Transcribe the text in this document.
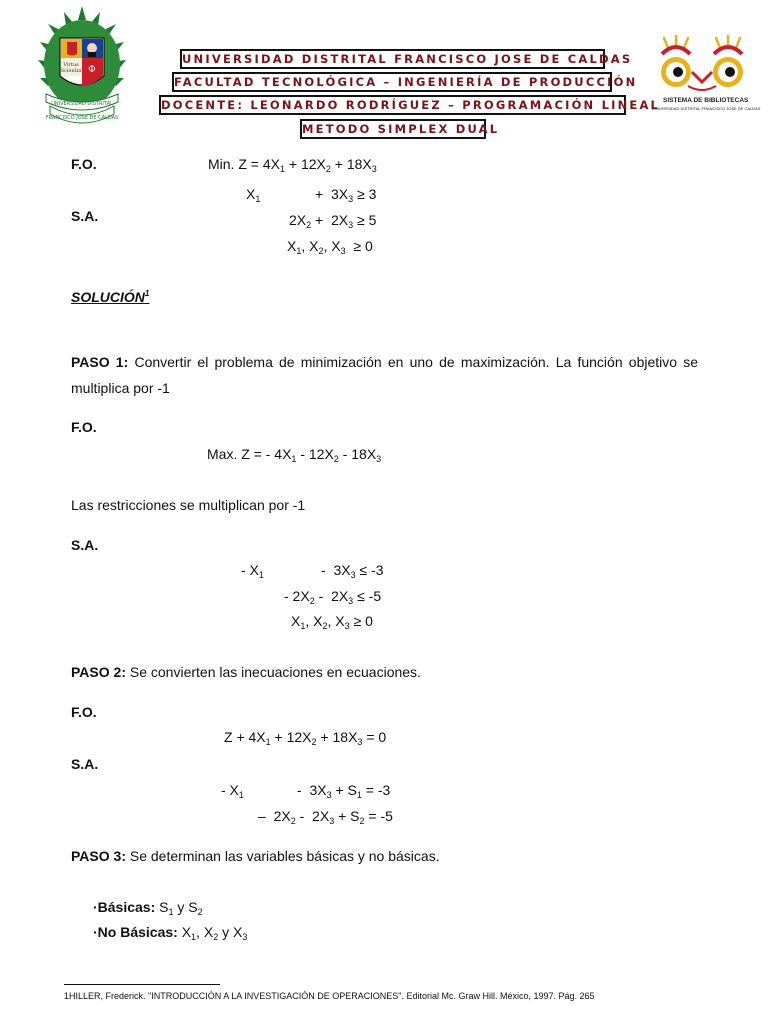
Virtus
Scientia Φ
UNIVERSIDAD DISTRITAL
FRANCISCO JOSE DE CALDAS
UNIVERSIDAD DISTRITAL FRANCISCO JOSE DE CALDAS
FACULTAD TECNOLÓGICA – INGENIERÍA DE PRODUCCIÓN
DOCENTE: LEONARDO RODRÍGUEZ – PROGRAMACIÓN LINEAL
METODO SIMPLEX DUAL
SISTEMA DE BIBLIOTECAS
UNIVERSIDAD DISTRITAL FRANCISCO JOSE DE CALDAS
F.O.	Min. $Z = 4X_1 + 12X_2 + 18X_3$
$X_1$	+  $3X_3 \ge 3$
S.A.	$2X_2 + 2X_3 \ge 5$
$X_1$, $X_2$, $X_3 \ge 0$
SOLUCIÓN$^1$
PASO 1: Convertir el problema de minimización en uno de maximización. La función objetivo se multiplica por -1
F.O.
Max. Z = - $4X_1 - 12X_2 - 18X_3$
Las restricciones se multiplican por -1
S.A.
- $X_1$	-  $3X_3 \le -3$
- $2X_2 - 2X_3 \le -5$
$X_1$, $X_2$, $X_3 \ge 0$
PASO 2: Se convierten las inecuaciones en ecuaciones.
F.O.
$Z + 4X_1 + 12X_2 + 18X_3 = 0$
S.A.
- $X_1$	-  $3X_3 + S_1 = -3$
–  $2X_2 - 2X_3 + S_2 = -5$
PASO 3: Se determinan las variables básicas y no básicas.
·Básicas: $S_1$ y $S_2$
·No Básicas: $X_1$, $X_2$ y $X_3$
1HILLER, Frederick. "INTRODUCCIÓN A LA INVESTIGACIÓN DE OPERACIONES". Editorial Mc. Graw Hill. México, 1997. Pág. 265
